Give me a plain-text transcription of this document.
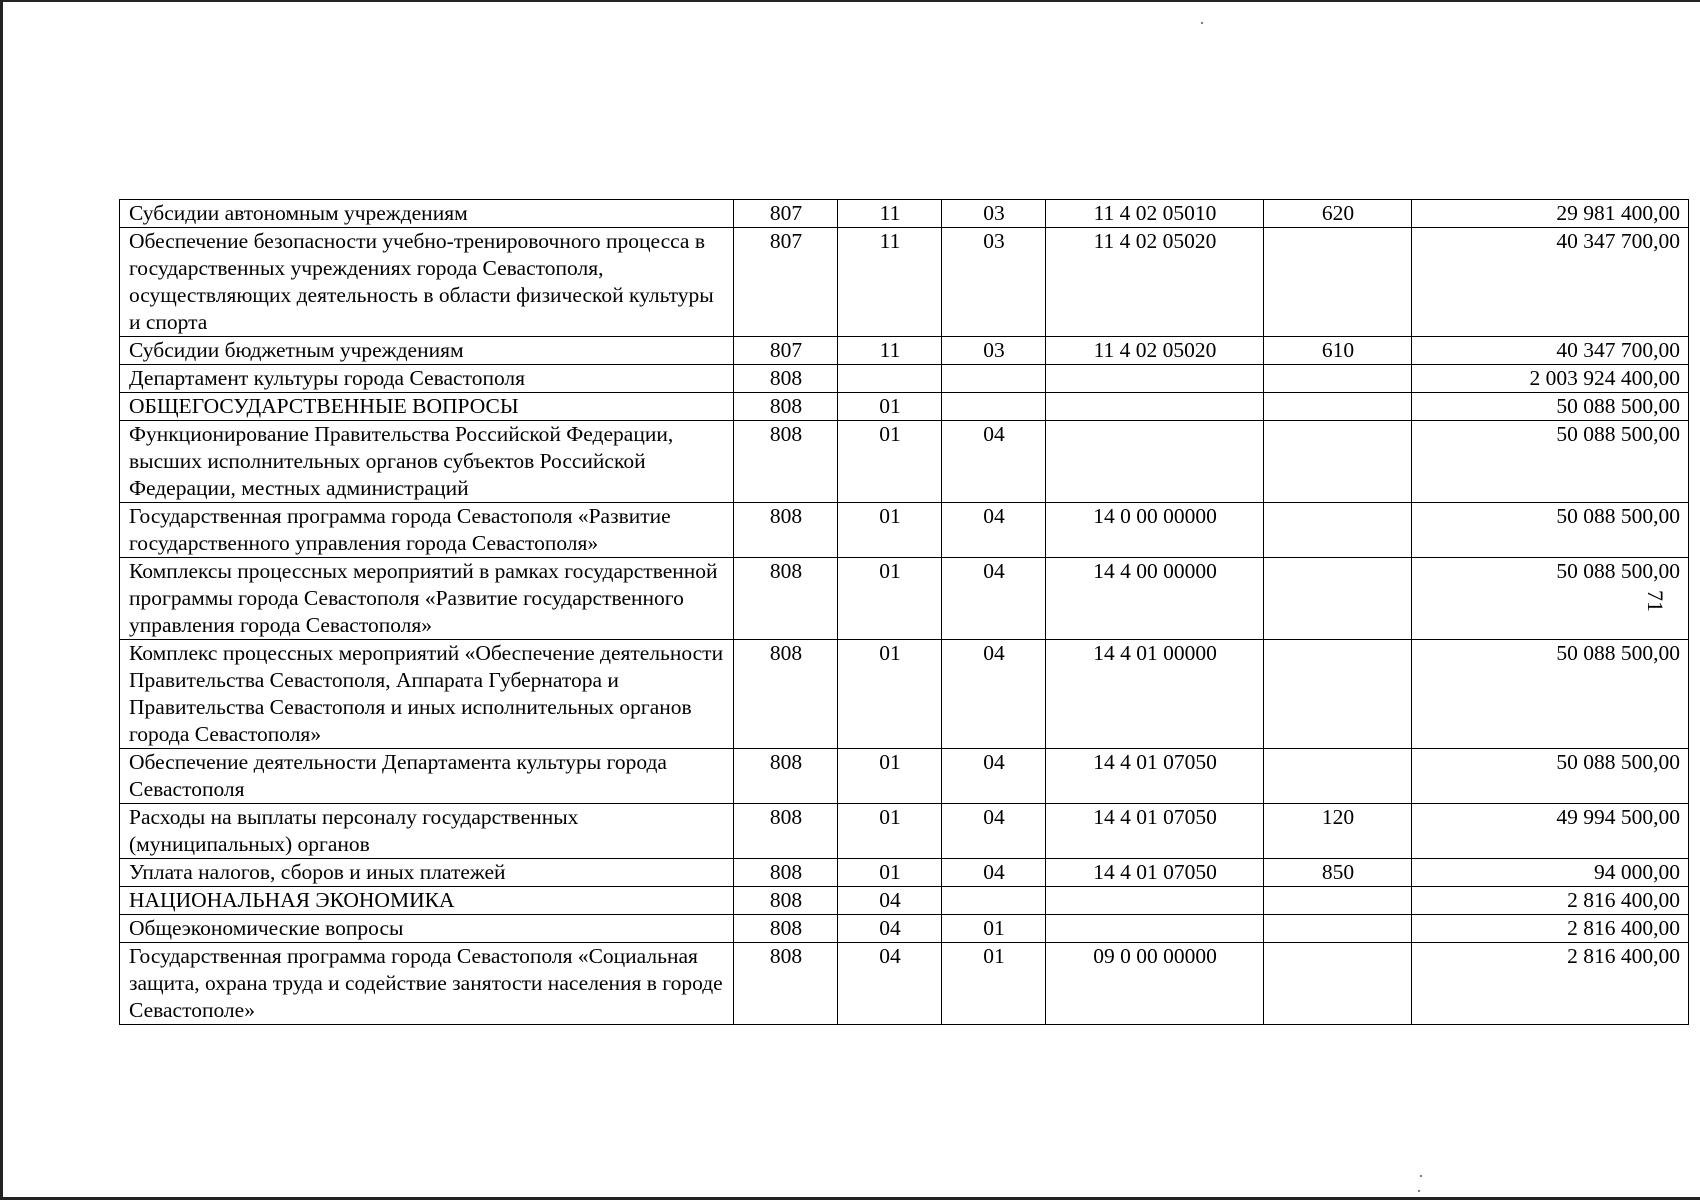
71
Субсидии автономным учреждениям	807	11	03	11 4 02 05010	620	29 981 400,00
Обеспечение безопасности учебно-тренировочного процесса в государственных учреждениях города Севастополя, осуществляющих деятельность в области физической культуры и спорта	807	11	03	11 4 02 05020		40 347 700,00
Субсидии бюджетным учреждениям	807	11	03	11 4 02 05020	610	40 347 700,00
Департамент культуры города Севастополя	808					2 003 924 400,00
ОБЩЕГОСУДАРСТВЕННЫЕ ВОПРОСЫ	808	01				50 088 500,00
Функционирование Правительства Российской Федерации, высших исполнительных органов субъектов Российской Федерации, местных администраций	808	01	04			50 088 500,00
Государственная программа города Севастополя «Развитие государственного управления города Севастополя»	808	01	04	14 0 00 00000		50 088 500,00
Комплексы процессных мероприятий в рамках государственной программы города Севастополя «Развитие государственного управления города Севастополя»	808	01	04	14 4 00 00000		50 088 500,00
Комплекс процессных мероприятий «Обеспечение деятельности Правительства Севастополя, Аппарата Губернатора и Правительства Севастополя и иных исполнительных органов города Севастополя»	808	01	04	14 4 01 00000		50 088 500,00
Обеспечение деятельности Департамента культуры города Севастополя	808	01	04	14 4 01 07050		50 088 500,00
Расходы на выплаты персоналу государственных (муниципальных) органов	808	01	04	14 4 01 07050	120	49 994 500,00
Уплата налогов, сборов и иных платежей	808	01	04	14 4 01 07050	850	94 000,00
НАЦИОНАЛЬНАЯ ЭКОНОМИКА	808	04				2 816 400,00
Общеэкономические вопросы	808	04	01			2 816 400,00
Государственная программа города Севастополя «Социальная защита, охрана труда и содействие занятости населения в городе Севастополе»	808	04	01	09 0 00 00000		2 816 400,00
